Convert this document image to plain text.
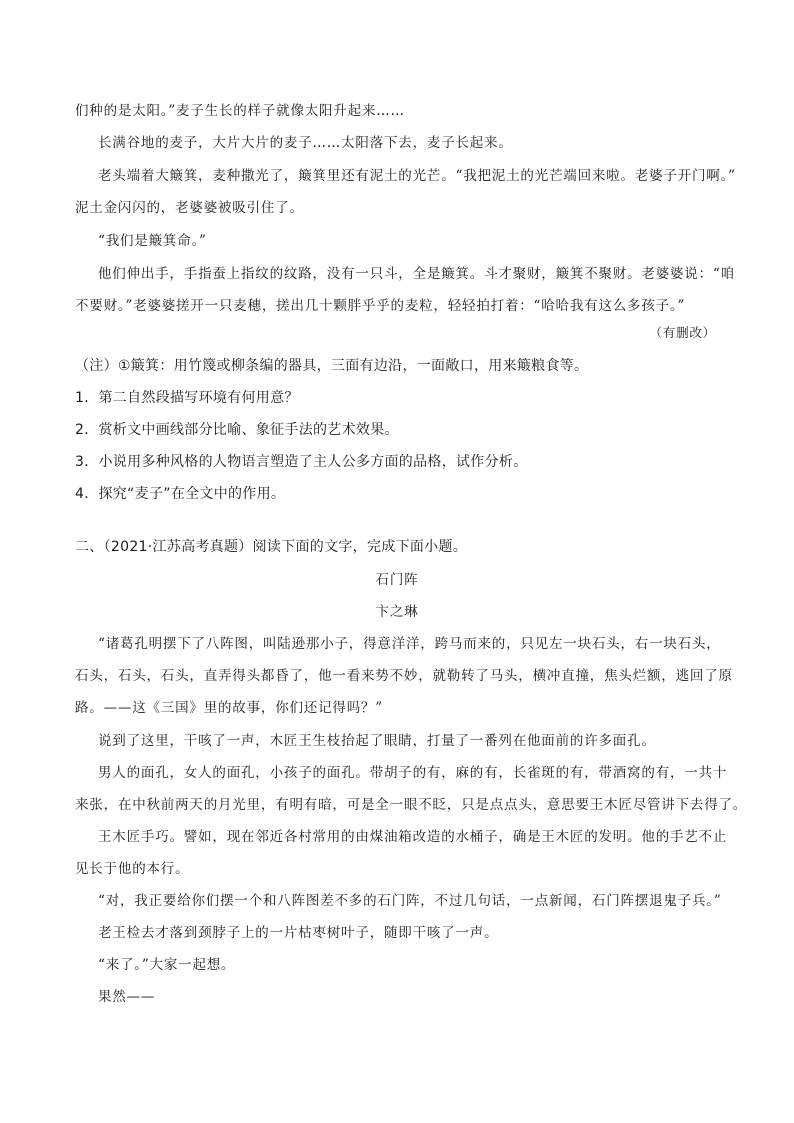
们种的是太阳。”麦子生长的样子就像太阳升起来……
长满谷地的麦子，大片大片的麦子……太阳落下去，麦子长起来。
老头端着大簸箕，麦种撒光了，簸箕里还有泥土的光芒。“我把泥土的光芒端回来啦。老婆子开门啊。”
泥土金闪闪的，老婆婆被吸引住了。
“我们是簸箕命。”
他们伸出手，手指蚕上指纹的纹路，没有一只斗，全是簸箕。斗才聚财，簸箕不聚财。老婆婆说：“咱
不要财。”老婆婆搓开一只麦穗，搓出几十颗胖乎乎的麦粒，轻轻拍打着：“哈哈我有这么多孩子。”
（有删改）
（注）①簸箕：用竹篾或柳条编的器具，三面有边沿，一面敞口，用来簸粮食等。
1．第二自然段描写环境有何用意？
2．赏析文中画线部分比喻、象征手法的艺术效果。
3．小说用多种风格的人物语言塑造了主人公多方面的品格，试作分析。
4．探究“麦子”在全文中的作用。
二、（2021·江苏高考真题）阅读下面的文字，完成下面小题。
石门阵
卞之琳
“诸葛孔明摆下了八阵图，叫陆逊那小子，得意洋洋，跨马而来的，只见左一块石头，右一块石头，
石头，石头，石头，直弄得头都昏了，他一看来势不妙，就勒转了马头，横冲直撞，焦头烂额，逃回了原
路。——这《三国》里的故事，你们还记得吗？”
说到了这里，干咳了一声，木匠王生枝抬起了眼睛，打量了一番列在他面前的许多面孔。
男人的面孔，女人的面孔，小孩子的面孔。带胡子的有，麻的有，长雀斑的有，带酒窝的有，一共十
来张，在中秋前两天的月光里，有明有暗，可是全一眼不眨，只是点点头，意思要王木匠尽管讲下去得了。
王木匠手巧。譬如，现在邻近各村常用的由煤油箱改造的水桶子，确是王木匠的发明。他的手艺不止
见长于他的本行。
“对，我正要给你们摆一个和八阵图差不多的石门阵，不过几句话，一点新闻，石门阵摆退鬼子兵。”
老王检去才落到颈脖子上的一片枯枣树叶子，随即干咳了一声。
“来了。”大家一起想。
果然——
